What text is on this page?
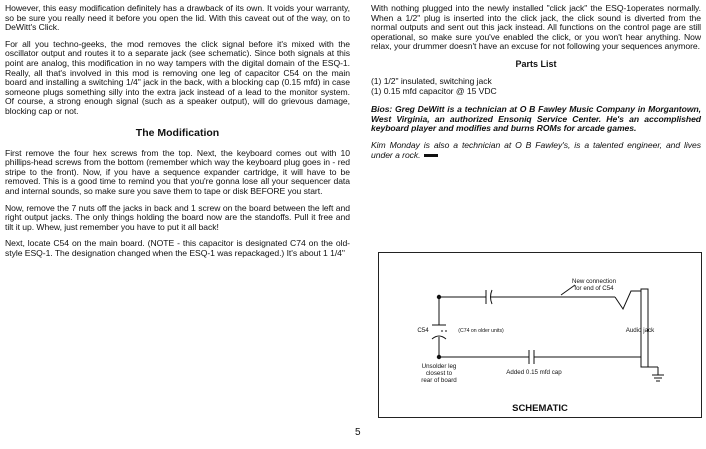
However, this easy modification definitely has a drawback of its own. It voids your warranty, so be sure you really need it before you open the lid. With this caveat out of the way, on to DeWitt's Click.

For all you techno-geeks, the mod removes the click signal before it's mixed with the oscillator output and routes it to a separate jack (see schematic). Since both signals at this point are analog, this modification in no way tampers with the digital domain of the ESQ-1. Really, all that's involved in this mod is removing one leg of capacitor C54 on the main board and installing a switching 1/4" jack in the back, with a blocking cap (0.15 mfd) in case someone plugs something silly into the extra jack instead of a lead to the monitor system. Of course, a strong enough signal (such as a speaker output), will do grievous damage, blocking cap or not.

The Modification

First remove the four hex screws from the top. Next, the keyboard comes out with 10 phillips-head screws from the bottom (remember which way the keyboard plug goes in - red stripe to the front). Now, if you have a sequence expander cartridge, it will have to be removed. This is a good time to remind you that you're gonna lose all your sequencer data and internal sounds, so make sure you save them to tape or disk BEFORE you start.

Now, remove the 7 nuts off the jacks in back and 1 screw on the board between the left and right output jacks. The only things holding the board now are the standoffs. Pull it free and tilt it up. Whew, just remember you have to put it all back!

Next, locate C54 on the main board. (NOTE - this capacitor is designated C74 on the old-style ESQ-1. The designation changed when the ESQ-1 was repackaged.) It's about 1 1/4"

With nothing plugged into the newly installed "click jack" the ESQ-1operates normally. When a 1/2" plug is inserted into the click jack, the click sound is diverted from the normal outputs and sent out this jack instead. All functions on the control page are still operational, so make sure you've enabled the click, or you won't hear anything. Now relax, your drummer doesn't have an excuse for not following your sequences anymore.

Parts List

(1) 1/2" insulated, switching jack

(1) 0.15 mfd capacitor @ 15 VDC

Bios: Greg DeWitt is a technician at O B Fawley Music Company in Morgantown, West Virginia, an authorized Ensoniq Service Center. He's an accomplished keyboard player and modifies and burns ROMs for arcade games.

Kim Monday is also a technician at O B Fawley's, is a talented engineer, and lives under a rock.

New connection
for end of C54
C54	(C74 on older units)	Audio jack
Unsolder leg
closest to
rear of board
Added 0.15 mfd cap
SCHEMATIC
5
